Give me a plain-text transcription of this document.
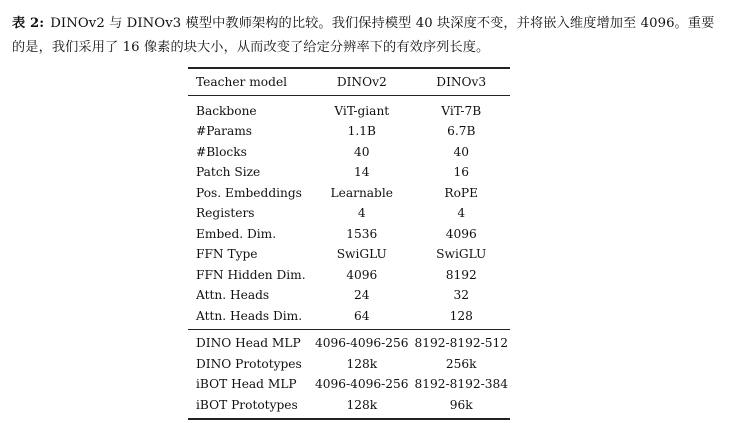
表 2: DINOv2 与 DINOv3 模型中教师架构的比较。我们保持模型 40 块深度不变，并将嵌入维度增加至 4096。重要的是，我们采用了 16 像素的块大小，从而改变了给定分辨率下的有效序列长度。
Teacher model	DINOv2	DINOv3
Backbone	ViT-giant	ViT-7B
#Params	1.1B	6.7B
#Blocks	40	40
Patch Size	14	16
Pos. Embeddings	Learnable	RoPE
Registers	4	4
Embed. Dim.	1536	4096
FFN Type	SwiGLU	SwiGLU
FFN Hidden Dim.	4096	8192
Attn. Heads	24	32
Attn. Heads Dim.	64	128
DINO Head MLP	4096-4096-256 8192-8192-512
DINO Prototypes	128k	256k
iBOT Head MLP	4096-4096-256 8192-8192-384
iBOT Prototypes	128k	96k
